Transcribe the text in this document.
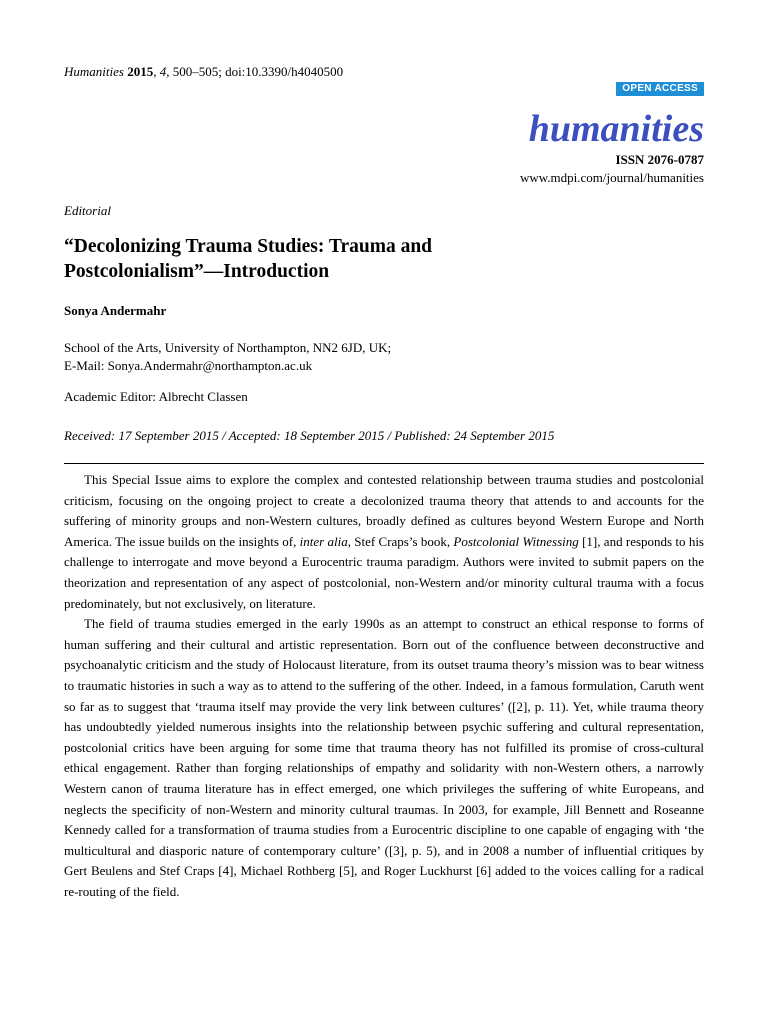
Humanities 2015, 4, 500–505; doi:10.3390/h4040500
OPEN ACCESS
humanities
ISSN 2076-0787
www.mdpi.com/journal/humanities
Editorial
“Decolonizing Trauma Studies: Trauma and Postcolonialism”—Introduction
Sonya Andermahr
School of the Arts, University of Northampton, NN2 6JD, UK;
E-Mail: Sonya.Andermahr@northampton.ac.uk
Academic Editor: Albrecht Classen
Received: 17 September 2015 / Accepted: 18 September 2015 / Published: 24 September 2015

This Special Issue aims to explore the complex and contested relationship between trauma studies and postcolonial criticism, focusing on the ongoing project to create a decolonized trauma theory that attends to and accounts for the suffering of minority groups and non-Western cultures, broadly defined as cultures beyond Western Europe and North America. The issue builds on the insights of, inter alia, Stef Craps’s book, Postcolonial Witnessing [1], and responds to his challenge to interrogate and move beyond a Eurocentric trauma paradigm. Authors were invited to submit papers on the theorization and representation of any aspect of postcolonial, non-Western and/or minority cultural trauma with a focus predominately, but not exclusively, on literature.

The field of trauma studies emerged in the early 1990s as an attempt to construct an ethical response to forms of human suffering and their cultural and artistic representation. Born out of the confluence between deconstructive and psychoanalytic criticism and the study of Holocaust literature, from its outset trauma theory’s mission was to bear witness to traumatic histories in such a way as to attend to the suffering of the other. Indeed, in a famous formulation, Caruth went so far as to suggest that ‘trauma itself may provide the very link between cultures’ ([2], p. 11). Yet, while trauma theory has undoubtedly yielded numerous insights into the relationship between psychic suffering and cultural representation, postcolonial critics have been arguing for some time that trauma theory has not fulfilled its promise of cross-cultural ethical engagement. Rather than forging relationships of empathy and solidarity with non-Western others, a narrowly Western canon of trauma literature has in effect emerged, one which privileges the suffering of white Europeans, and neglects the specificity of non-Western and minority cultural traumas. In 2003, for example, Jill Bennett and Roseanne Kennedy called for a transformation of trauma studies from a Eurocentric discipline to one capable of engaging with ‘the multicultural and diasporic nature of contemporary culture’ ([3], p. 5), and in 2008 a number of influential critiques by Gert Beulens and Stef Craps [4], Michael Rothberg [5], and Roger Luckhurst [6] added to the voices calling for a radical re-routing of the field.
